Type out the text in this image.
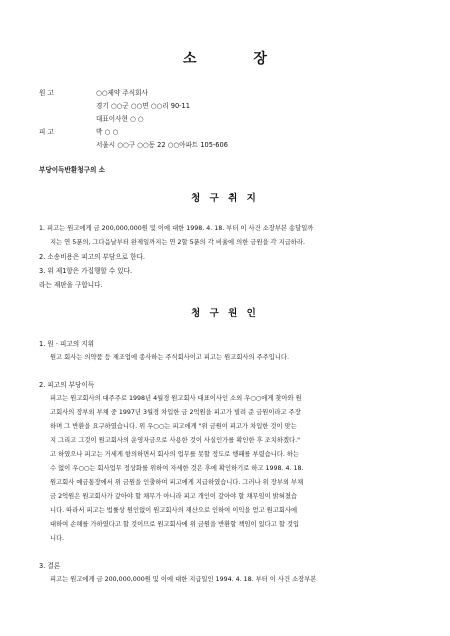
소 장
원 고	○○제약 주식회사
경기 ○○군 ○○면 ○○리 90-11
대표이사현 ○ ○
피 고	박 ○ ○
서울시 ○○구 ○○동 22 ○○아파트 105-606
부당이득반환청구의 소
청 구 취 지
1. 피고는 원고에게 금 200,000,000원 및 이에 대한 1998. 4. 18. 부터 이 사건 소장부본 송달일까
지는 연 5푼의, 그다음날부터 완제일까지는 연 2할 5푼의 각 비율에 의한 금원을 각 지급하라.
2. 소송비용은 피고의 부담으로 한다.
3. 위 제1항은 가집행할 수 있다.
라는 재판을 구합니다.
청 구 원 인
1. 원 · 피고의 지위
원고 회사는 의약품 등 제조업에 종사하는 주식회사이고 피고는 원고회사의 주주입니다.
2. 피고의 부당이득
피고는 원고회사의 대주주로 1998년 4월경 원고회사 대표이사인 소외 우○○에게 찾아와 원
고회사의 장부외 부채 중 1997년 3월경 차입한 금 2억원을 피고가 빌려 준 금원이라고 주장
하며 그 반환을 요구하였습니다. 위 우○○는 피고에게 "위 금원이 피고가 차입한 것이 맞는
지 그리고 그것이 원고회사의 운영자금으로 사용한 것이 사실인가를 확인한 후 조치하겠다."
고 하였으나 피고는 거세게 항의하면서 회사의 업무를 못할 정도로 행패를 부렸습니다. 하는
수 없이 우○○는 회사업무 정상화를 위하여 자세한 것은 후에 확인하기로 하고 1998. 4. 18.
원고회사 예금통장에서 위 금원을 인출하여 피고에게 지급하였습니다. 그러나 위 장부외 부채
금 2억원은 원고회사가 갚아야 할 채무가 아니라 피고 개인이 갚아야 할 채무임이 밝혀졌습
니다. 따라서 피고는 법률상 원인없이 원고회사의 재산으로 인하여 이익을 얻고 원고회사에
대하여 손해를 가하였다고 할 것이므로 원고회사에 위 금원을 반환할 책임이 있다고 할 것입
니다.
3. 결론
피고는 원고에게 금 200,000,000원 및 이에 대한 지급일인 1994. 4. 18. 부터 이 사건 소장부본
